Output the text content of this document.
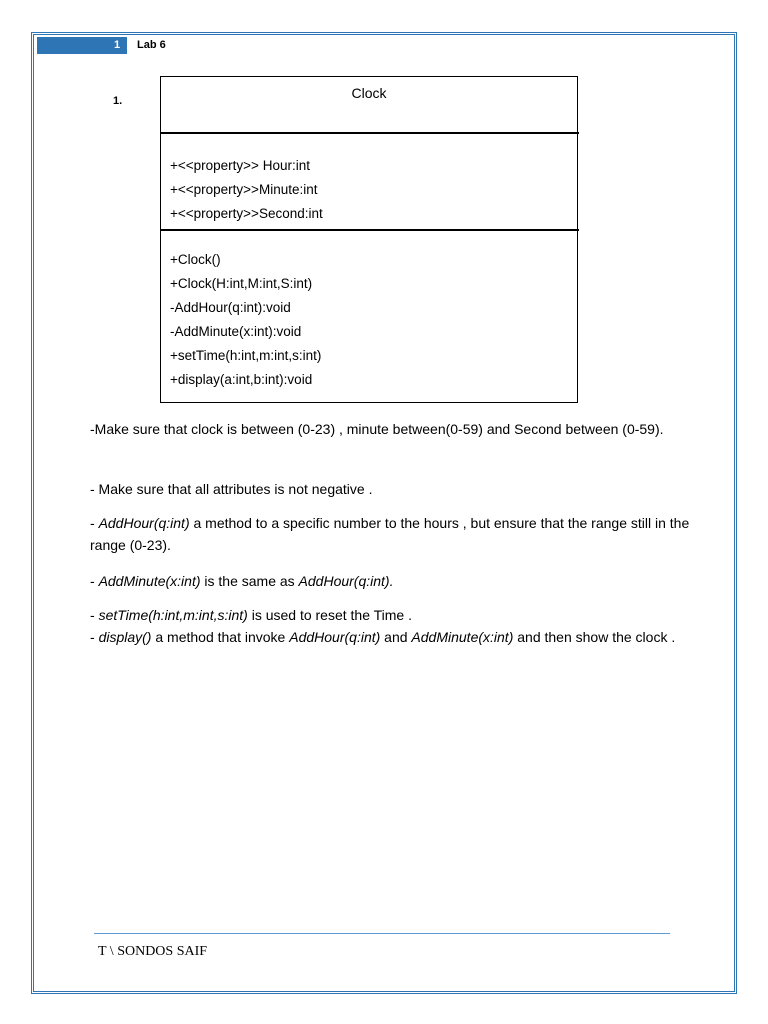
1	Lab 6
1.	Clock
+<<property>> Hour:int
+<<property>>Minute:int
+<<property>>Second:int
+Clock()
+Clock(H:int,M:int,S:int)
-AddHour(q:int):void
-AddMinute(x:int):void
+setTime(h:int,m:int,s:int)
+display(a:int,b:int):void
-Make sure that clock is between (0-23) , minute between(0-59) and Second between (0-59).
- Make sure that all attributes is not negative .
- AddHour(q:int) a method to a specific number to the hours , but ensure that the range still in the range (0-23).
- AddMinute(x:int) is the same as AddHour(q:int).
- setTime(h:int,m:int,s:int) is used to reset the Time .
- display() a method that invoke AddHour(q:int) and AddMinute(x:int) and then show the clock .
T \ SONDOS SAIF
